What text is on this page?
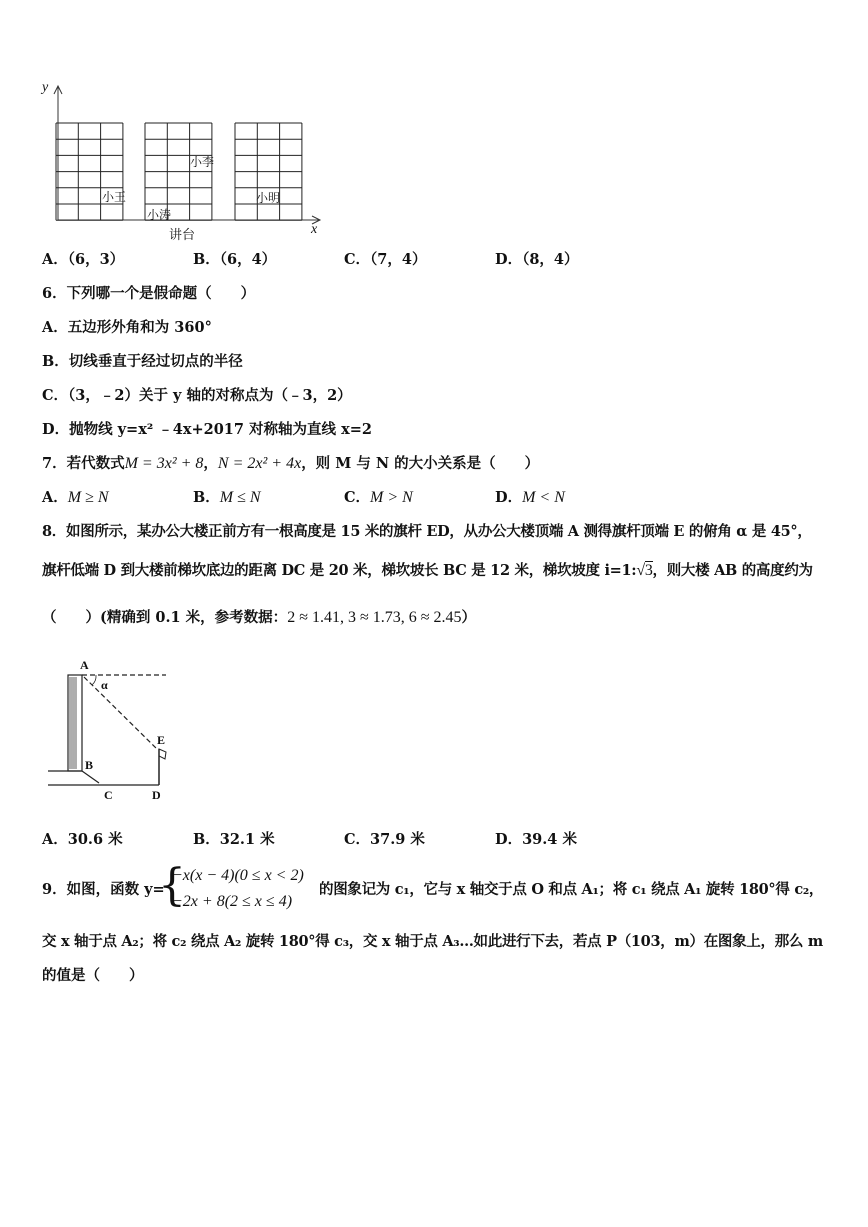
y
x
小王
小李
小涛
小明
讲台
A．（6，3）	B．（6，4）	C．（7，4）	D．（8，4）
6．下列哪一个是假命题（　　）
A．五边形外角和为 360°
B．切线垂直于经过切点的半径
C．（3，﹣2）关于 y 轴的对称点为（﹣3，2）
D．抛物线 y=x² ﹣4x+2017 对称轴为直线 x=2
7．若代数式M = 3x² + 8，N = 2x² + 4x，则 M 与 N 的大小关系是（　　）
A．M ≥ N	B．M ≤ N	C．M > N	D．M < N
8．如图所示，某办公大楼正前方有一根高度是 15 米的旗杆 ED，从办公大楼顶端 A 测得旗杆顶端 E 的俯角 α 是 45°，
旗杆低端 D 到大楼前梯坎底边的距离 DC 是 20 米，梯坎坡长 BC 是 12 米，梯坎坡度 i=1:√3，则大楼 AB 的高度约为
（　　）(精确到 0.1 米，参考数据：2 ≈ 1.41, 3 ≈ 1.73, 6 ≈ 2.45）
A
α
E
B
C	D
A．30.6 米	B．32.1 米	C．37.9 米	D．39.4 米
9．如图，函数 y=
{
−x(x − 4)(0 ≤ x < 2)
−2x + 8(2 ≤ x ≤ 4)
的图象记为 c₁，它与 x 轴交于点 O 和点 A₁；将 c₁ 绕点 A₁ 旋转 180°得 c₂，
交 x 轴于点 A₂；将 c₂ 绕点 A₂ 旋转 180°得 c₃，交 x 轴于点 A₃…如此进行下去，若点 P（103，m）在图象上，那么 m
的值是（　　）
